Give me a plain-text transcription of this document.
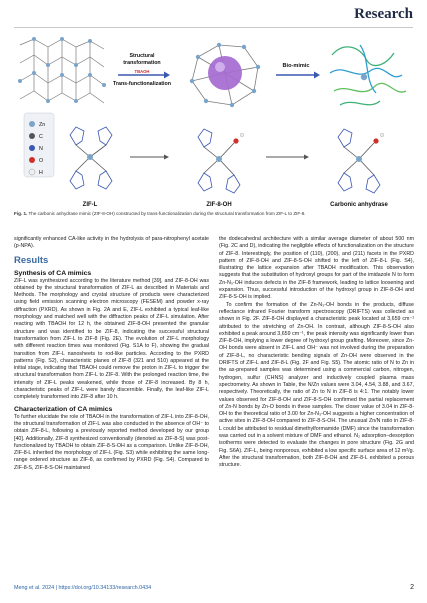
Research
Structural
transformation
TBAOH
Trans-functionalization
Bio-mimic
Zn
C
N
O
H
ZIF-L	ZIF-8-OH	Carbonic anhydrase
Fig. 1. The carbonic anhydrase mimic (ZIF-8-OH) constructed by trans-functionalization during the structural transformation from ZIF-L to ZIF-8.

significantly enhanced CA-like activity in the hydrolysis of para-nitrophenyl acetate (p-NPA).

Results
Synthesis of CA mimics

ZIF-L was synthesized according to the literature method [39], and ZIF-8-OH was obtained by the structural transformation of ZIF-L as described in Materials and Methods. The morphology and crystal structure of products were characterized using field emission scanning electron microscopy (FESEM) and powder x-ray diffraction (PXRD). As shown in Fig. 2A and E, ZIF-L exhibited a typical leaf-like morphology and matched well with the diffraction peaks of ZIF-L simulation. After reacting with TBAOH for 12 h, the obtained ZIF-8-OH presented the granular structure and was identified to be ZIF-8, indicating the successful structural transformation from ZIF-L to ZIF-8 (Fig. 2E). The evolution of ZIF-L morphology with different reaction times was monitored (Fig. S1A to F), showing the gradual transition from ZIF-L nanosheets to rod-like particles. According to the PXRD patterns (Fig. S2), characteristic planes of ZIF-8 (321 and 510) appeared at the initial stage, indicating that TBAOH could remove the proton in ZIF-L to trigger the structural transformation from ZIF-L to ZIF-8. With the prolonged reaction time, the intensity of ZIF-L peaks weakened, while those of ZIF-8 increased. By 8 h, characteristic peaks of ZIF-L were barely discernible. Finally, the leaf-like ZIF-L completely transformed into ZIF-8 after 10 h.

Characterization of CA mimics

To further elucidate the role of TBAOH in the transformation of ZIF-L into ZIF-8-OH, the structural transformation of ZIF-L was also conducted in the absence of OH⁻ to obtain ZIF-8-L, following a previously reported method developed by our group [40]. Additionally, ZIF-8 synthesized conventionally (denoted as ZIF-8-S) was post-functionalized by TBAOH to obtain ZIF-8-S-OH as a comparison. Unlike ZIF-8-OH, ZIF-8-L inherited the morphology of ZIF-L (Fig. S3) while exhibiting the same long-range ordered structure as ZIF-8, as confirmed by PXRD (Fig. S4). Compared to ZIF-8-S, ZIF-8-S-OH maintained

the dodecahedral architecture with a similar average diameter of about 500 nm (Fig. 2C and D), indicating the negligible effects of functionalization on the structure of ZIF-8. Interestingly, the position of (110), (200), and (211) facets in the PXRD pattern of ZIF-8-OH and ZIF-8-S-OH shifted to the left of ZIF-8-L (Fig. S4), illustrating the lattice expansion after TBAOH modification. This observation suggests that the substitution of hydroxyl groups for part of the imidazole N to form Zn-N₃-OH induces defects in the ZIF-8 framework, leading to lattice loosening and expansion. Thus, successful introduction of the hydroxyl group in ZIF-8-OH and ZIF-8-S-OH is implied.

To confirm the formation of the Zn-N₃-OH bonds in the products, diffuse reflectance infrared Fourier transform spectroscopy (DRIFTS) was collected as shown in Fig. 2F. ZIF-8-OH displayed a characteristic peak located at 3,659 cm⁻¹ attributed to the stretching of Zn-OH. In contrast, although ZIF-8-S-OH also exhibited a peak around 3,659 cm⁻¹, the peak intensity was significantly lower than ZIF-8-OH, implying a lower degree of hydroxyl group grafting. Moreover, since Zn-OH bonds were absent in ZIF-L and OH⁻ was not involved during the preparation of ZIF-8-L, no characteristic bending signals of Zn-OH were observed in the DRIFTS of ZIF-L and ZIF-8-L (Fig. 2F and Fig. S5). The atomic ratio of N to Zn in the as-prepared samples was determined using a commercial carbon, nitrogen, hydrogen, sulfur (CHNS) analyzer and inductively coupled plasma mass spectrometry. As shown in Table, the N/Zn values were 3.04, 4.54, 3.88, and 3.67, respectively. Theoretically, the ratio of Zn to N in ZIF-8 is 4:1. The notably lower values observed for ZIF-8-OH and ZIF-8-S-OH confirmed the partial replacement of Zn-N bonds by Zn-O bonds in these samples. The closer value of 3.04 in ZIF-8-OH to the theoretical ratio of 3.00 for Zn-N₃-OH suggests a higher concentration of active sites in ZIF-8-OH compared to ZIF-8-S-OH. The unusual Zn/N ratio in ZIF-8-L could be attributed to residual dimethylformamide (DMF) since the transformation was carried out in a solvent mixture of DMF and ethanol. N₂ adsorption–desorption isotherms were detected to evaluate the changes in pore structure (Fig. 2G and Fig. S6A). ZIF-L, being nonporous, exhibited a low specific surface area of 12 m²/g. After the structural transformation, both ZIF-8-OH and ZIF-8-L exhibited a porous structure.

Meng et al. 2024 | https://doi.org/10.34133/research.0434	2
